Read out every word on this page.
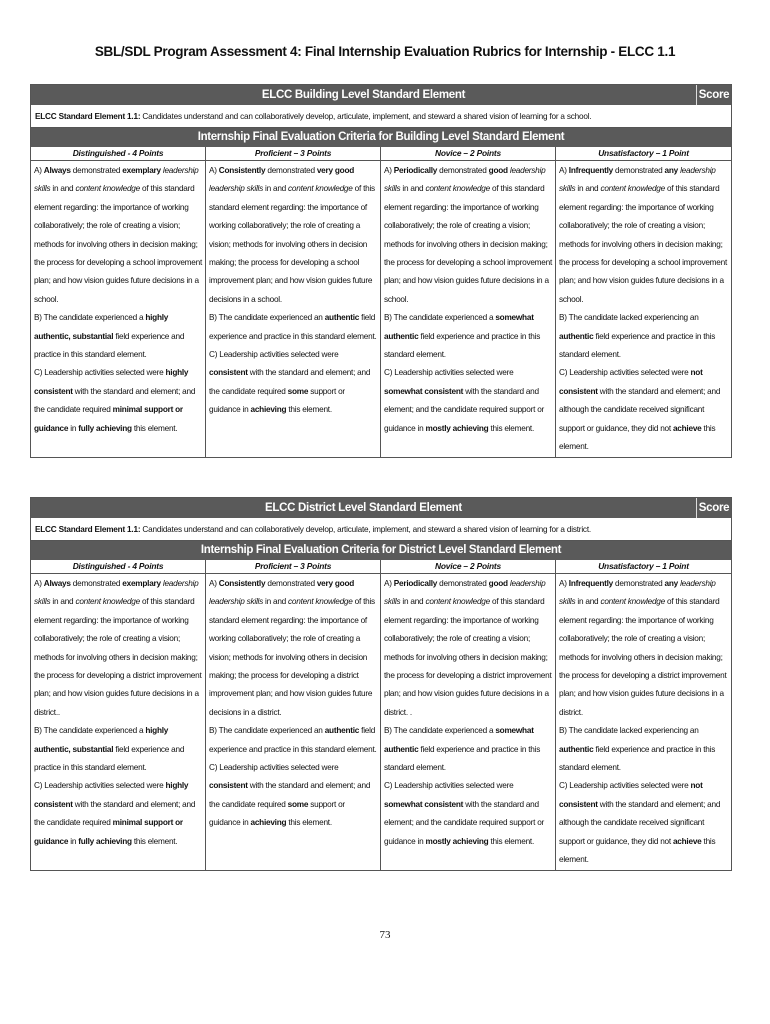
SBL/SDL Program Assessment 4: Final Internship Evaluation Rubrics for Internship - ELCC 1.1
ELCC Building Level Standard Element	Score
ELCC Standard Element 1.1: Candidates understand and can collaboratively develop, articulate, implement, and steward a shared vision of learning for a school.
Internship Final Evaluation Criteria for Building Level Standard Element
Distinguished - 4 Points

A) Always demonstrated exemplary leadership skills in and content knowledge of this standard element regarding: the importance of working collaboratively; the role of creating a vision; methods for involving others in decision making; the process for developing a school improvement plan; and how vision guides future decisions in a school.

B) The candidate experienced a highly authentic, substantial field experience and practice in this standard element.

C) Leadership activities selected were highly consistent with the standard and element; and the candidate required minimal support or guidance in fully achieving this element.

Proficient – 3 Points

A) Consistently demonstrated very good leadership skills in and content knowledge of this standard element regarding: the importance of working collaboratively; the role of creating a vision; methods for involving others in decision making; the process for developing a school improvement plan; and how vision guides future decisions in a school.

B) The candidate experienced an authentic field experience and practice in this standard element.

C) Leadership activities selected were consistent with the standard and element; and the candidate required some support or guidance in achieving this element.

Novice – 2 Points

A) Periodically demonstrated good leadership skills in and content knowledge of this standard element regarding: the importance of working collaboratively; the role of creating a vision; methods for involving others in decision making; the process for developing a school improvement plan; and how vision guides future decisions in a school.

B) The candidate experienced a somewhat authentic field experience and practice in this standard element.

C) Leadership activities selected were somewhat consistent with the standard and element; and the candidate required support or guidance in mostly achieving this element.

Unsatisfactory – 1 Point

A) Infrequently demonstrated any leadership skills in and content knowledge of this standard element regarding: the importance of working collaboratively; the role of creating a vision; methods for involving others in decision making; the process for developing a school improvement plan; and how vision guides future decisions in a school.

B) The candidate lacked experiencing an authentic field experience and practice in this standard element.

C) Leadership activities selected were not consistent with the standard and element; and although the candidate received significant support or guidance, they did not achieve this element.

ELCC District Level Standard Element	Score
ELCC Standard Element 1.1: Candidates understand and can collaboratively develop, articulate, implement, and steward a shared vision of learning for a district.
Internship Final Evaluation Criteria for District Level Standard Element
Distinguished - 4 Points

A) Always demonstrated exemplary leadership skills in and content knowledge of this standard element regarding: the importance of working collaboratively; the role of creating a vision; methods for involving others in decision making; the process for developing a district improvement plan; and how vision guides future decisions in a district..

B) The candidate experienced a highly authentic, substantial field experience and practice in this standard element.

C) Leadership activities selected were highly consistent with the standard and element; and the candidate required minimal support or guidance in fully achieving this element.

Proficient – 3 Points

A) Consistently demonstrated very good leadership skills in and content knowledge of this standard element regarding: the importance of working collaboratively; the role of creating a vision; methods for involving others in decision making; the process for developing a district improvement plan; and how vision guides future decisions in a district.

B) The candidate experienced an authentic field experience and practice in this standard element.

C) Leadership activities selected were consistent with the standard and element; and the candidate required some support or guidance in achieving this element.

Novice – 2 Points

A) Periodically demonstrated good leadership skills in and content knowledge of this standard element regarding: the importance of working collaboratively; the role of creating a vision; methods for involving others in decision making; the process for developing a district improvement plan; and how vision guides future decisions in a district. .

B) The candidate experienced a somewhat authentic field experience and practice in this standard element.

C) Leadership activities selected were somewhat consistent with the standard and element; and the candidate required support or guidance in mostly achieving this element.

Unsatisfactory – 1 Point

A) Infrequently demonstrated any leadership skills in and content knowledge of this standard element regarding: the importance of working collaboratively; the role of creating a vision; methods for involving others in decision making; the process for developing a district improvement plan; and how vision guides future decisions in a district.

B) The candidate lacked experiencing an authentic field experience and practice in this standard element.

C) Leadership activities selected were not consistent with the standard and element; and although the candidate received significant support or guidance, they did not achieve this element.

73
